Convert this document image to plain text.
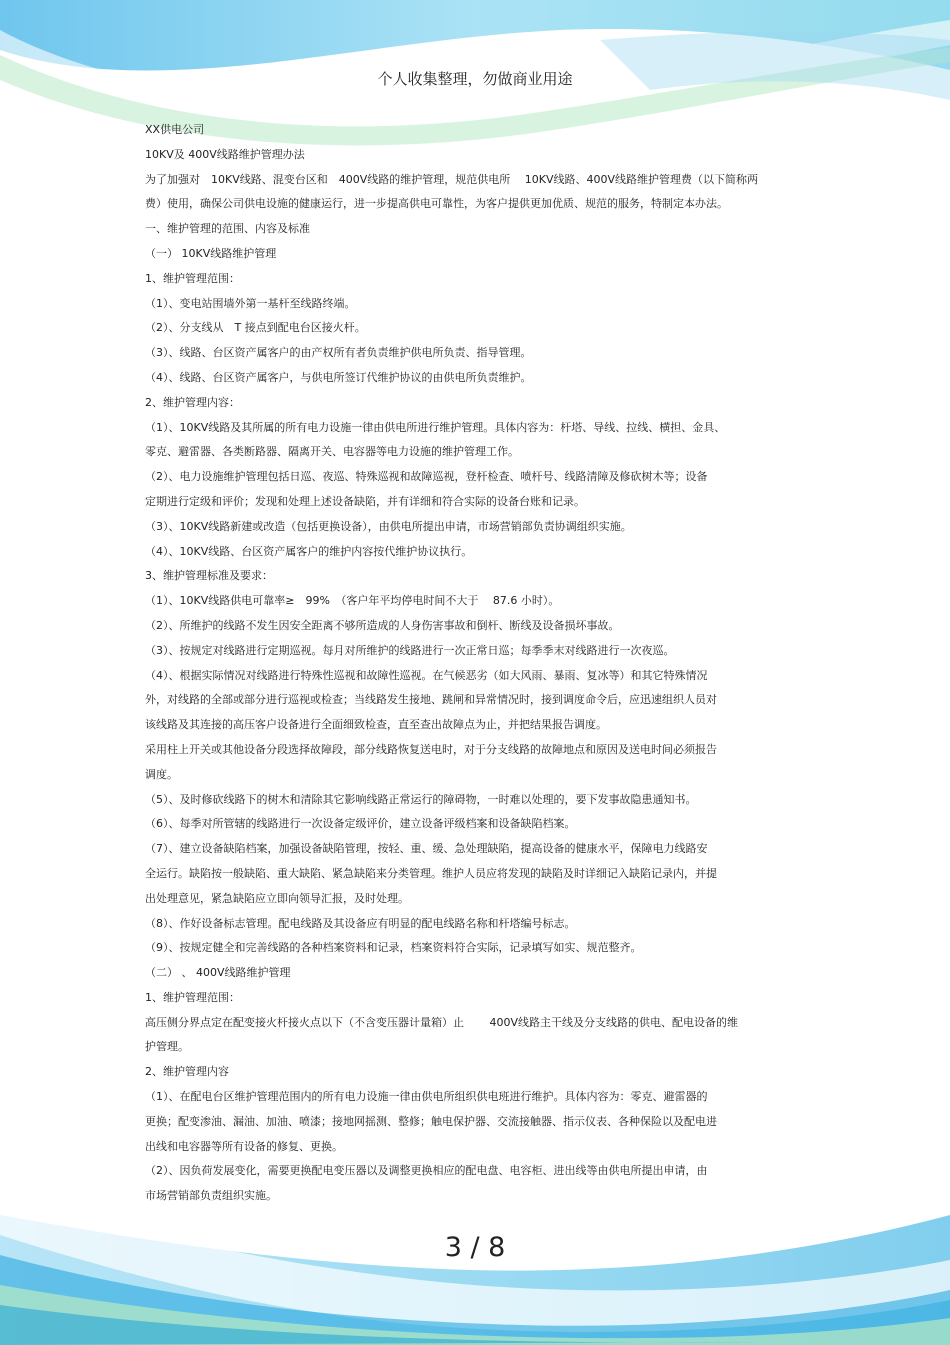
个人收集整理，勿做商业用途
XX供电公司
10KV及 400V线路维护管理办法
为了加强对　10KV线路、混变台区和　400V线路的维护管理，规范供电所　 10KV线路、400V线路维护管理费（以下简称两
费）使用，确保公司供电设施的健康运行，进一步提高供电可靠性，为客户提供更加优质、规范的服务，特制定本办法。
一、维护管理的范围、内容及标准
（一） 10KV线路维护管理
1、维护管理范围：
（1）、变电站围墙外第一基杆至线路终端。
（2）、分支线从　T 接点到配电台区接火杆。
（3）、线路、台区资产属客户的由产权所有者负责维护供电所负责、指导管理。
（4）、线路、台区资产属客户，与供电所签订代维护协议的由供电所负责维护。
2、维护管理内容：
（1）、10KV线路及其所属的所有电力设施一律由供电所进行维护管理。具体内容为：杆塔、导线、拉线、横担、金具、
零克、避雷器、各类断路器、隔离开关、电容器等电力设施的维护管理工作。
（2）、电力设施维护管理包括日巡、夜巡、特殊巡视和故障巡视，登杆检查、喷杆号、线路清障及修砍树木等；设备
定期进行定级和评价；发现和处理上述设备缺陷，并有详细和符合实际的设备台账和记录。
（3）、10KV线路新建或改造（包括更换设备），由供电所提出申请，市场营销部负责协调组织实施。
（4）、10KV线路、台区资产属客户的维护内容按代维护协议执行。
3、维护管理标准及要求：
（1）、10KV线路供电可靠率≥　99%　（客户年平均停电时间不大于　 87.6 小时）。
（2）、所维护的线路不发生因安全距离不够所造成的人身伤害事故和倒杆、断线及设备损坏事故。
（3）、按规定对线路进行定期巡视。每月对所维护的线路进行一次正常日巡；每季季末对线路进行一次夜巡。
（4）、根据实际情况对线路进行特殊性巡视和故障性巡视。在气候恶劣（如大风雨、暴雨、复冰等）和其它特殊情况
外，对线路的全部或部分进行巡视或检查；当线路发生接地、跳闸和异常情况时，接到调度命令后，应迅速组织人员对
该线路及其连接的高压客户设备进行全面细致检查，直至查出故障点为止，并把结果报告调度。
采用柱上开关或其他设备分段选择故障段，部分线路恢复送电时，对于分支线路的故障地点和原因及送电时间必须报告
调度。
（5）、及时修砍线路下的树木和清除其它影响线路正常运行的障碍物，一时难以处理的，要下发事故隐患通知书。
（6）、每季对所管辖的线路进行一次设备定级评价，建立设备评级档案和设备缺陷档案。
（7）、建立设备缺陷档案，加强设备缺陷管理，按轻、重、缓、急处理缺陷，提高设备的健康水平，保障电力线路安
全运行。缺陷按一般缺陷、重大缺陷、紧急缺陷来分类管理。维护人员应将发现的缺陷及时详细记入缺陷记录内，并提
出处理意见，紧急缺陷应立即向领导汇报，及时处理。
（8）、作好设备标志管理。配电线路及其设备应有明显的配电线路名称和杆塔编号标志。
（9）、按规定健全和完善线路的各种档案资料和记录，档案资料符合实际，记录填写如实、规范整齐。
（二） 、 400V线路维护管理
1、维护管理范围：
高压侧分界点定在配变接火杆接火点以下（不含变压器计量箱）止　　 400V线路主干线及分支线路的供电、配电设备的维
护管理。
2、维护管理内容
（1）、在配电台区维护管理范围内的所有电力设施一律由供电所组织供电班进行维护。具体内容为：零克、避雷器的
更换；配变渗油、漏油、加油、喷漆；接地网摇测、整修；触电保护器、交流接触器、指示仪表、各种保险以及配电进
出线和电容器等所有设备的修复、更换。
（2）、因负荷发展变化，需要更换配电变压器以及调整更换相应的配电盘、电容柜、进出线等由供电所提出申请，由
市场营销部负责组织实施。
3 / 8
